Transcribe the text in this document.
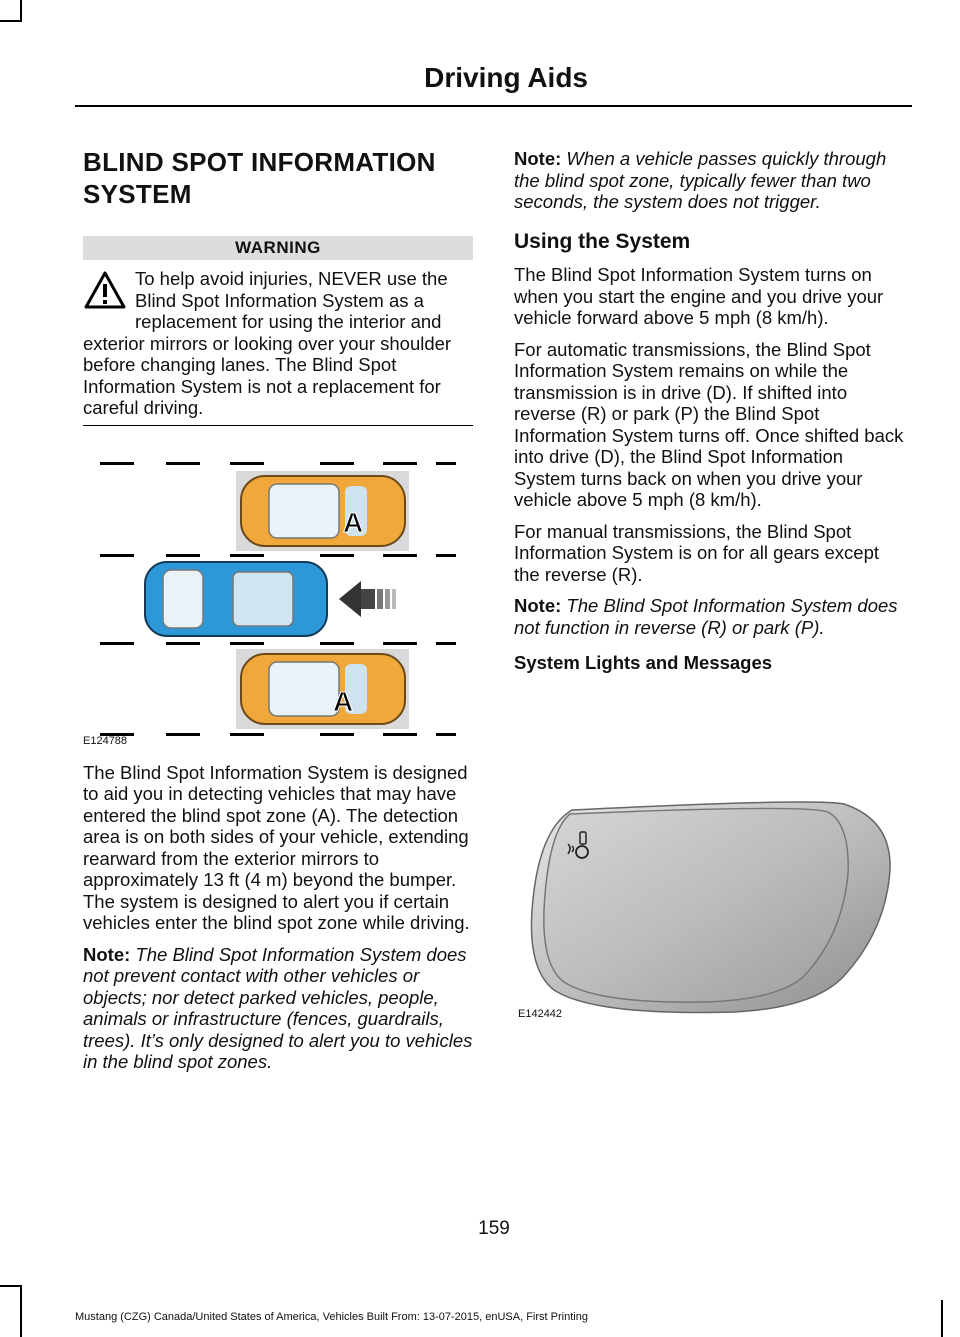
Driving Aids
BLIND SPOT INFORMATION SYSTEM
WARNING
To help avoid injuries, NEVER use the Blind Spot Information System as a replacement for using the interior and exterior mirrors or looking over your shoulder before changing lanes. The Blind Spot Information System is not a replacement for careful driving.
A
A
E124788

The Blind Spot Information System is designed to aid you in detecting vehicles that may have entered the blind spot zone (A). The detection area is on both sides of your vehicle, extending rearward from the exterior mirrors to approximately 13 ft (4 m) beyond the bumper. The system is designed to alert you if certain vehicles enter the blind spot zone while driving.

Note: The Blind Spot Information System does not prevent contact with other vehicles or objects; nor detect parked vehicles, people, animals or infrastructure (fences, guardrails, trees). It’s only designed to alert you to vehicles in the blind spot zones.

Note: When a vehicle passes quickly through the blind spot zone, typically fewer than two seconds, the system does not trigger.

Using the System

The Blind Spot Information System turns on when you start the engine and you drive your vehicle forward above 5 mph (8 km/h).

For automatic transmissions, the Blind Spot Information System remains on while the transmission is in drive (D). If shifted into reverse (R) or park (P) the Blind Spot Information System turns off. Once shifted back into drive (D), the Blind Spot Information System turns back on when you drive your vehicle above 5 mph (8 km/h).

For manual transmissions, the Blind Spot Information System is on for all gears except the reverse (R).

Note: The Blind Spot Information System does not function in reverse (R) or park (P).

System Lights and Messages
E142442
159
Mustang (CZG) Canada/United States of America, Vehicles Built From: 13-07-2015, enUSA, First Printing
